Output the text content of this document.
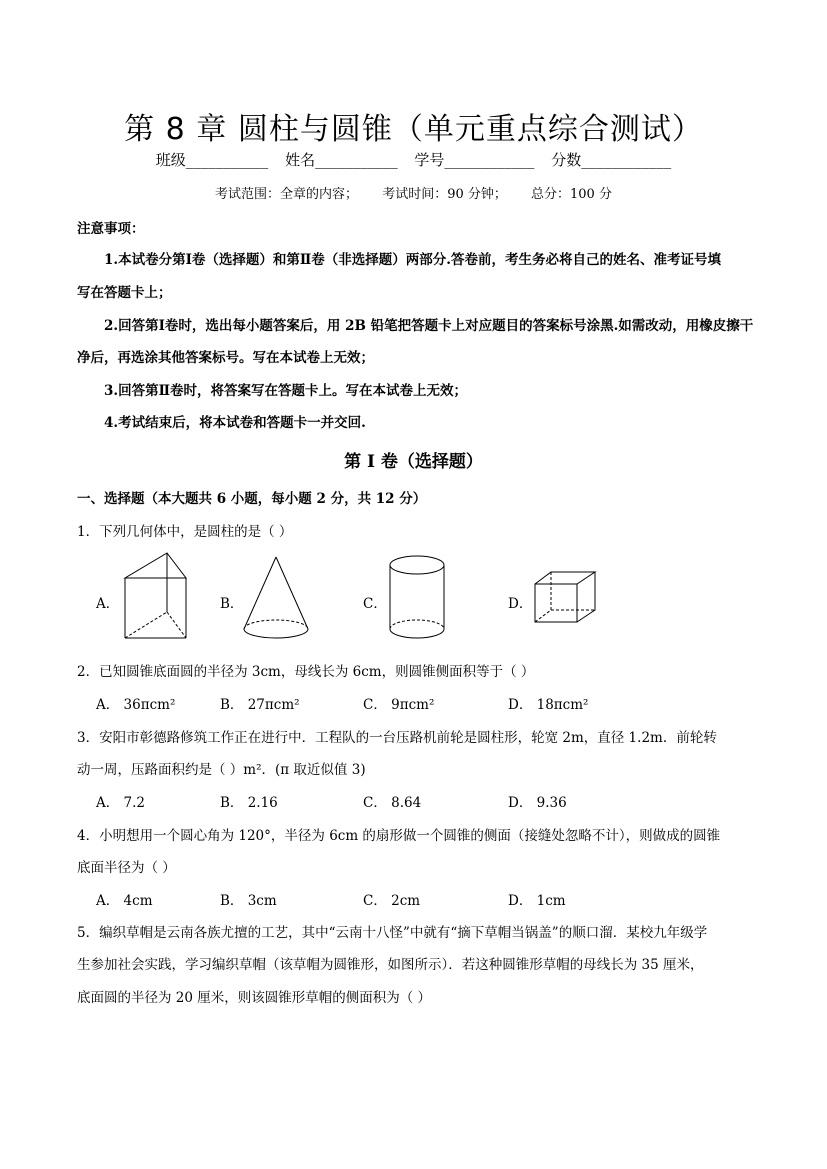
第 8 章 圆柱与圆锥（单元重点综合测试）
班级___________ 姓名___________ 学号____________ 分数____________
考试范围：全章的内容； 考试时间：90 分钟； 总分：100 分
注意事项：
1.本试卷分第Ⅰ卷（选择题）和第Ⅱ卷（非选择题）两部分.答卷前，考生务必将自己的姓名、准考证号填
写在答题卡上；
2.回答第Ⅰ卷时，选出每小题答案后，用 2B 铅笔把答题卡上对应题目的答案标号涂黑.如需改动，用橡皮擦干
净后，再选涂其他答案标号。写在本试卷上无效；
3.回答第Ⅱ卷时，将答案写在答题卡上。写在本试卷上无效；
4.考试结束后，将本试卷和答题卡一并交回.
第 I 卷（选择题）
一、选择题（本大题共 6 小题，每小题 2 分，共 12 分）
1．下列几何体中，是圆柱的是（ ）
A．	B．	C．	D．
2．已知圆锥底面圆的半径为 3cm，母线长为 6cm，则圆锥侧面积等于（ ）
A． 36πcm²	B． 27πcm²	C． 9πcm²	D． 18πcm²
3．安阳市彰德路修筑工作正在进行中．工程队的一台压路机前轮是圆柱形，轮宽 2m，直径 1.2m．前轮转
动一周，压路面积约是（ ）m²．(π 取近似值 3)
A． 7.2	B． 2.16	C． 8.64	D． 9.36
4．小明想用一个圆心角为 120°，半径为 6cm 的扇形做一个圆锥的侧面（接缝处忽略不计），则做成的圆锥
底面半径为（ ）
A． 4cm	B． 3cm	C． 2cm	D． 1cm
5．编织草帽是云南各族尤擅的工艺，其中“云南十八怪”中就有“摘下草帽当锅盖”的顺口溜．某校九年级学
生参加社会实践，学习编织草帽（该草帽为圆锥形，如图所示）．若这种圆锥形草帽的母线长为 35 厘米，
底面圆的半径为 20 厘米，则该圆锥形草帽的侧面积为（ ）
